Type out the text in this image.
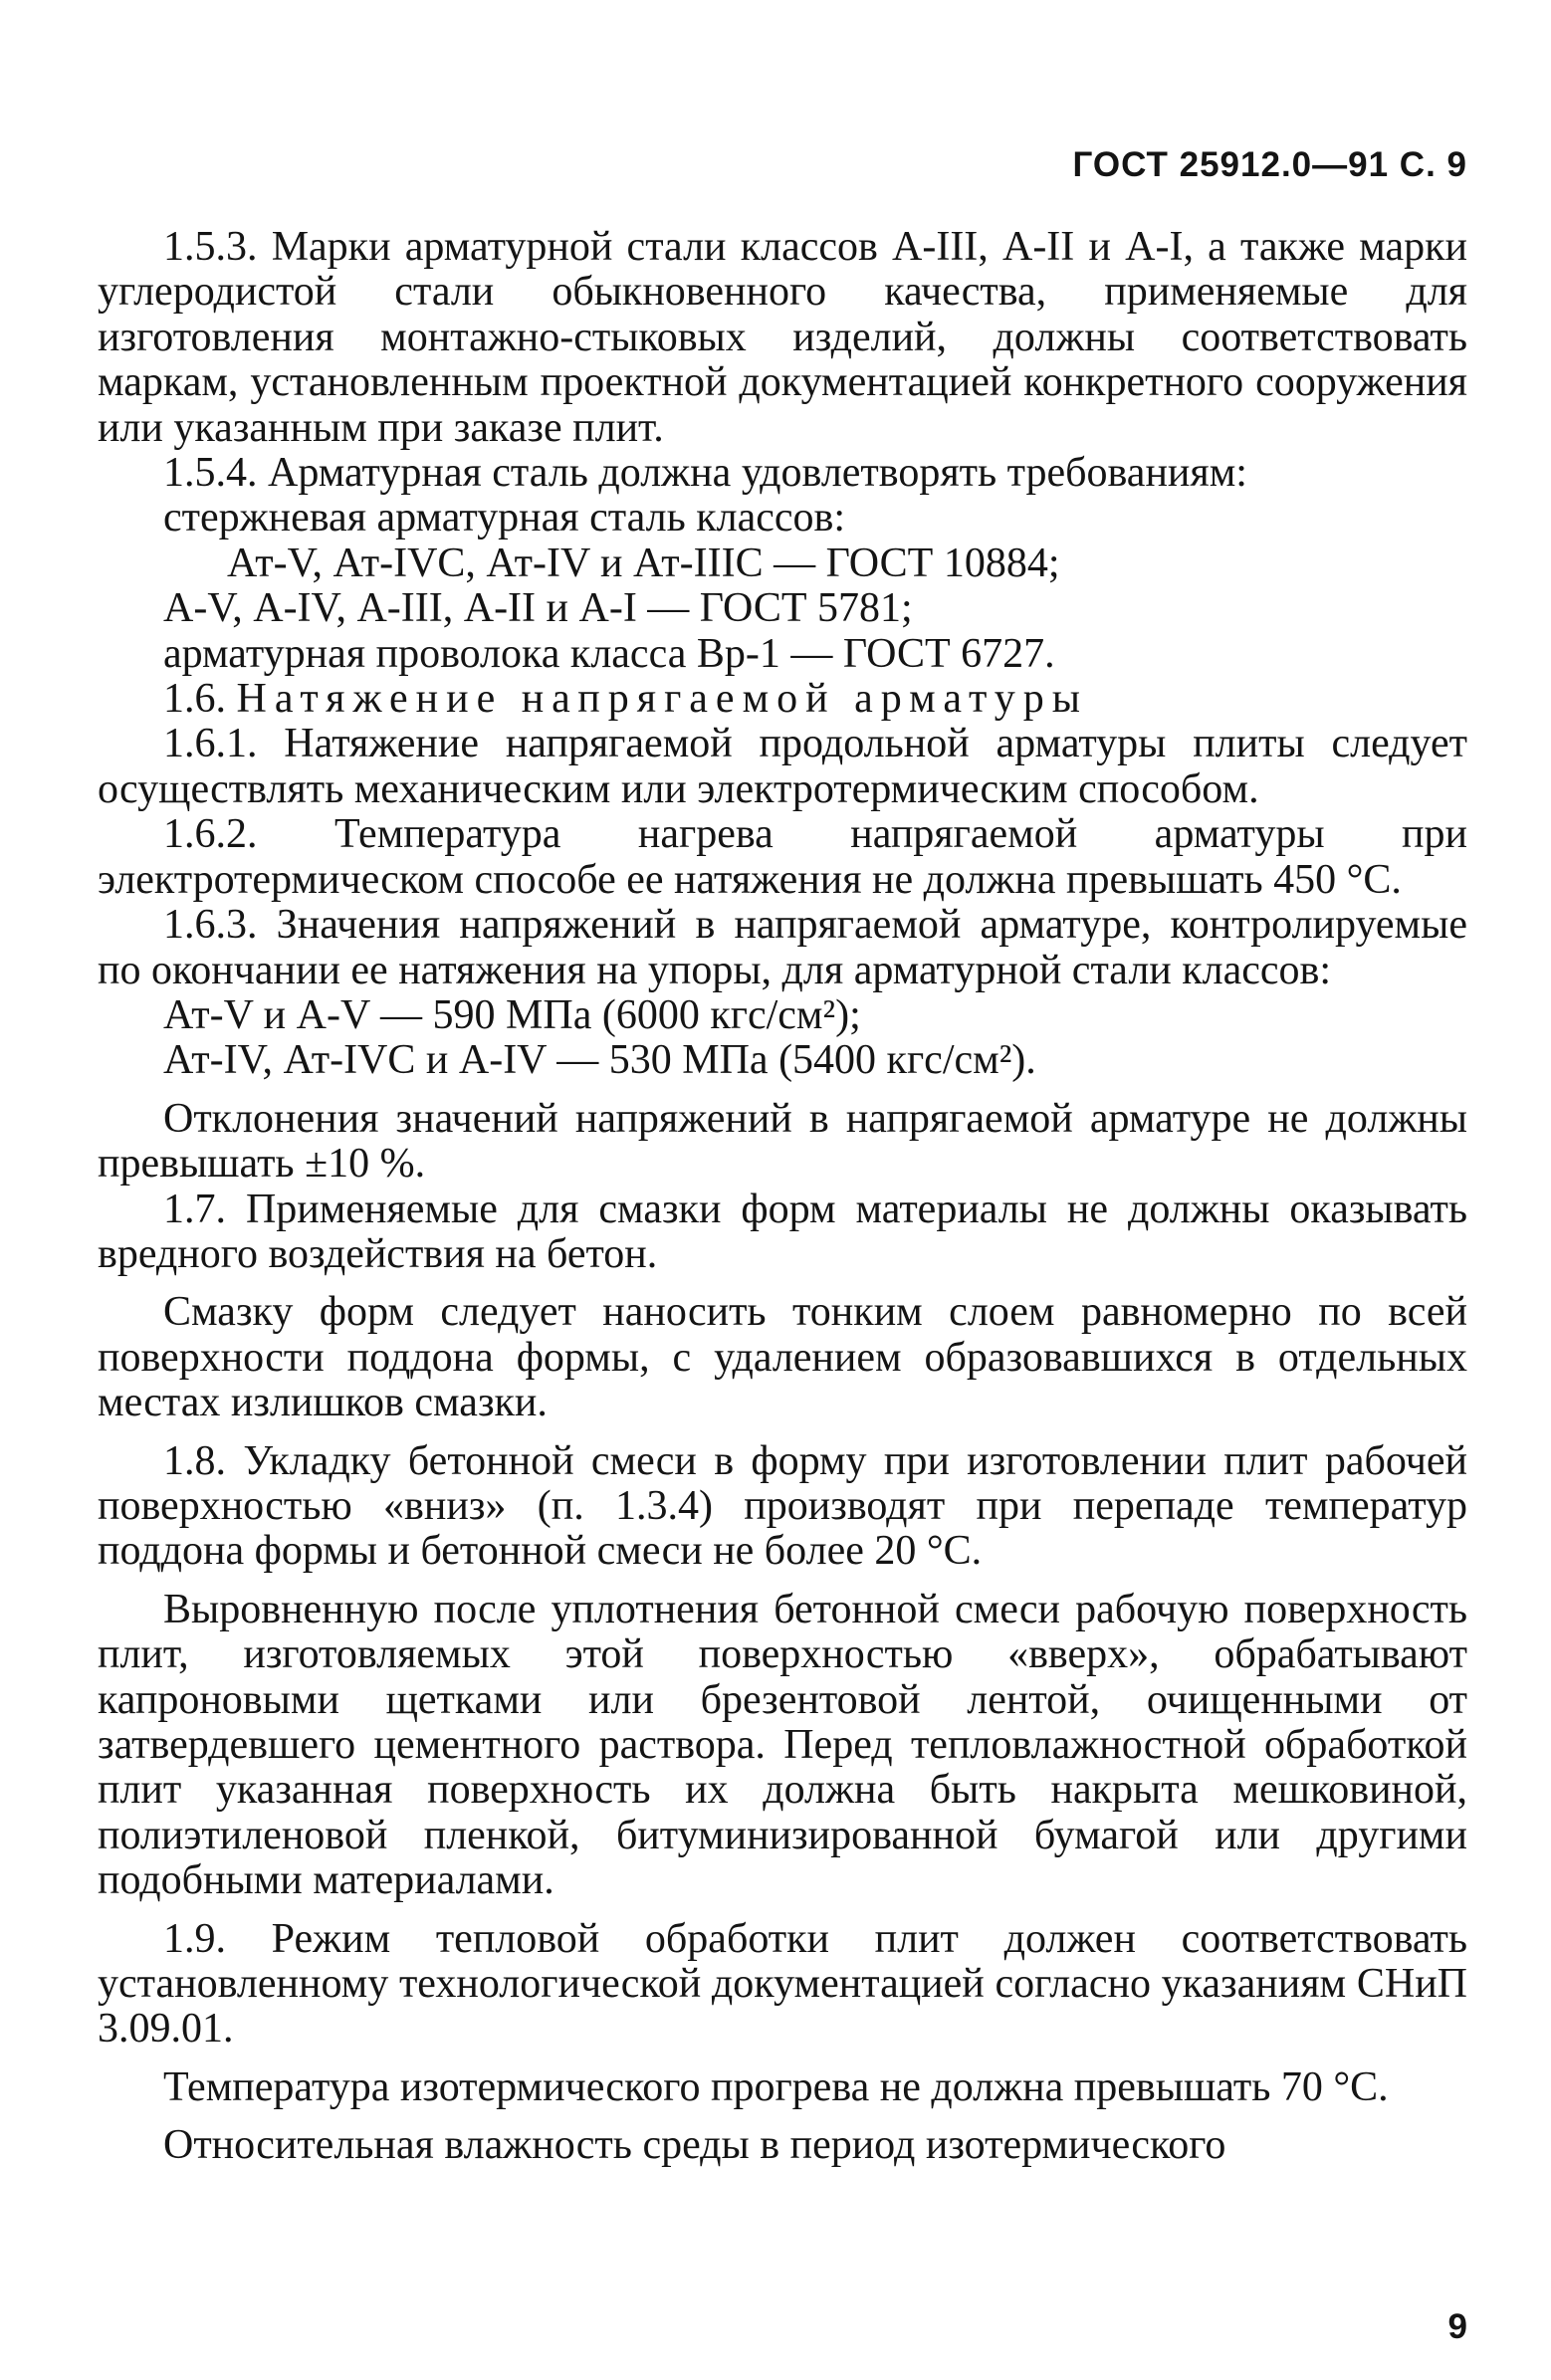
ГОСТ 25912.0—91 С. 9

1.5.3. Марки арматурной стали классов А-III, А-II и А-I, а также марки углеродистой стали обыкновенного качества, применяемые для изготовления монтажно-стыковых изделий, должны соответствовать маркам, установленным проектной документацией конкретного сооружения или указанным при заказе плит.

1.5.4. Арматурная сталь должна удовлетворять требованиям:

стержневая арматурная сталь классов:

Ат-V, Ат-IVC, Ат-IV и Ат-IIIC — ГОСТ 10884;

А-V, А-IV, А-III, А-II и А-I — ГОСТ 5781;

арматурная проволока класса Вр-1 — ГОСТ 6727.

1.6. Натяжение напрягаемой арматуры

1.6.1. Натяжение напрягаемой продольной арматуры плиты следует осуществлять механическим или электротермическим способом.

1.6.2. Температура нагрева напрягаемой арматуры при электротермическом способе ее натяжения не должна превышать 450 °С.

1.6.3. Значения напряжений в напрягаемой арматуре, контролируемые по окончании ее натяжения на упоры, для арматурной стали классов:

Ат-V и А-V — 590 МПа (6000 кгс/см²);

Ат-IV, Ат-IVC и А-IV — 530 МПа (5400 кгс/см²).

Отклонения значений напряжений в напрягаемой арматуре не должны превышать ±10 %.

1.7. Применяемые для смазки форм материалы не должны оказывать вредного воздействия на бетон.

Смазку форм следует наносить тонким слоем равномерно по всей поверхности поддона формы, с удалением образовавшихся в отдельных местах излишков смазки.

1.8. Укладку бетонной смеси в форму при изготовлении плит рабочей поверхностью «вниз» (п. 1.3.4) производят при перепаде температур поддона формы и бетонной смеси не более 20 °С.

Выровненную после уплотнения бетонной смеси рабочую поверхность плит, изготовляемых этой поверхностью «вверх», обрабатывают капроновыми щетками или брезентовой лентой, очищенными от затвердевшего цементного раствора. Перед тепловлажностной обработкой плит указанная поверхность их должна быть накрыта мешковиной, полиэтиленовой пленкой, битуминизированной бумагой или другими подобными материалами.

1.9. Режим тепловой обработки плит должен соответствовать установленному технологической документацией согласно указаниям СНиП 3.09.01.

Температура изотермического прогрева не должна превышать 70 °С.

Относительная влажность среды в период изотермического

9
